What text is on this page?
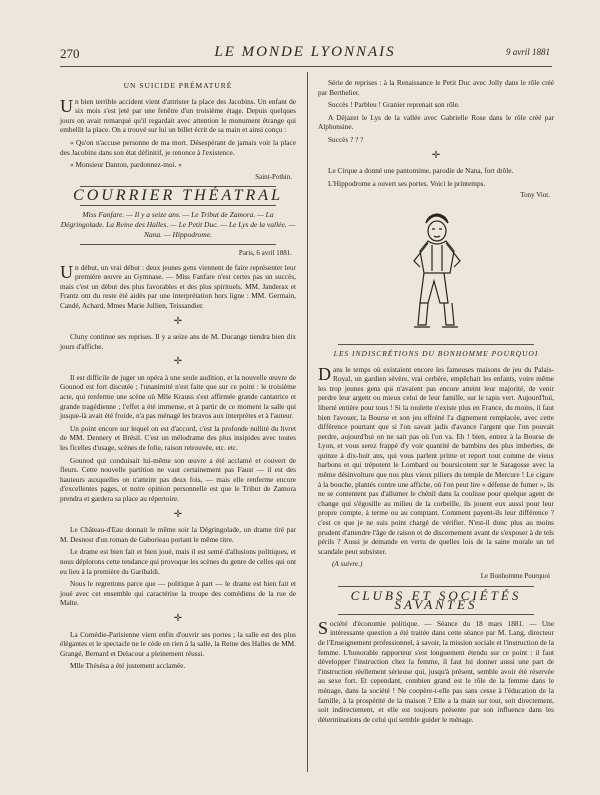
270	LE MONDE LYONNAIS	9 avril 1881
UN SUICIDE PRÉMATURÉ

Un bien terrible accident vient d'attrister la place des Jacobins. Un enfant de six mois s'est jeté par une fenêtre d'un troisième étage. Depuis quelques jours on avait remarqué qu'il regardait avec attention le monument étrange qui embellit la place. On a trouvé sur lui un billet écrit de sa main et ainsi conçu :

« Qu'on n'accuse personne de ma mort. Désespérant de jamais voir la place des Jacobins dans son état définitif, je renonce à l'existence.

« Monsieur Danton, pardonnez-moi. »

Saint-Pothin.

COURRIER THÉATRAL
Miss Fanfare. — Il y a seize ans. — Le Tribut de Zamora. — La Dégringolade. La Reine des Halles. — Le Petit Duc. — Le Lys de la vallée. — Nana. — Hippodrome.

Paris, 6 avril 1881.

Un début, un vrai début : deux jeunes gens viennent de faire représenter leur première œuvre au Gymnase. — Miss Fanfare n'est certes pas un succès, mais c'est un début des plus favorables et des plus spirituels. MM. Janderax et Frantz ont du reste été aidés par une interprétation hors ligne : MM. Germain, Candé, Achard, Mmes Marie Jullien, Teissandier.

✛

Cluny continue ses reprises. Il y a seize ans de M. Ducange tiendra bien dix jours d'affiche.

✛

Il est difficile de juger un opéra à une seule audition, et la nouvelle œuvre de Gounod est fort discutée ; l'unanimité n'est faite que sur ce point : le troisième acte, qui renferme une scène où Mlle Krauss s'est affirmée grande cantatrice et grande tragédienne ; l'effet a été immense, et à partir de ce moment la salle qui jusque-là avait été froide, n'a pas ménagé les bravos aux interprètes et à l'auteur.

Un point encore sur lequel on est d'accord, c'est la profonde nullité du livret de MM. Dennery et Brésil. C'est un mélodrame des plus insipides avec toutes les ficelles d'usage, scènes de folie, raison retrouvée, etc. etc.

Gounod qui conduisait lui-même son œuvre a été acclamé et couvert de fleurs. Cette nouvelle partition ne vaut certainement pas Faust — il est des hauteurs auxquelles on n'atteint pas deux fois, — mais elle renferme encore d'excellentes pages, et notre opinion personnelle est que le Tribut de Zamora prendra et gardera sa place au répertoire.

✛

Le Château-d'Eau donnait le même soir la Dégringolade, un drame tiré par M. Desnost d'un roman de Gaborieau portant le même titre.

Le drame est bien fait et bien joué, mais il est semé d'allusions politiques, et nous déplorons cette tendance qui provoque les scènes du genre de celles qui ont eu lieu à la première du Garibaldi.

Nous le regrettons parce que — politique à part — le drame est bien fait et joué avec cet ensemble qui caractérise la troupe des comédiens de la rue de Malte.

✛

La Comédie-Parisienne vient enfin d'ouvrir ses portes ; la salle est des plus élégantes et le spectacle ne le cède en rien à la salle, la Reine des Halles de MM. Grangé, Bernard et Delacour a pleinement réussi.

Mlle Thésésa a été justement acclamée.

Série de reprises : à la Renaissance le Petit Duc avec Jolly dans le rôle créé par Berthelier.

Succès ! Parbleu ! Granier reprenait son rôle.

A Déjazet le Lys de la vallée avec Gabrielle Rose dans le rôle créé par Alphonsine.

Succès ? ? ?

✛

Le Cirque a donné une pantomime, parodie de Nana, fort drôle.

L'Hippodrome a ouvert ses portes. Voici le printemps.

Tony Viot.

LES INDISCRÉTIONS DU BONHOMME POURQUOI

Dans le temps où existaient encore les fameuses maisons de jeu du Palais-Royal, un gardien sévère, vrai cerbère, empêchait les enfants, voire même les trop jeunes gens qui n'avaient pas encore atteint leur majorité, de venir perdre leur argent ou mieux celui de leur famille, sur le tapis vert. Aujourd'hui, liberté entière pour tous ! Si la roulette n'existe plus en France, du moins, il faut bien l'avouer, la Bourse et son jeu effréné l'a dignement remplacée, avec cette différence pourtant que si l'on savait jadis d'avance l'argent que l'on pouvait perdre, aujourd'hui on ne sait pas où l'on va. Eh ! bien, entrez à la Bourse de Lyon, et vous serez frappé d'y voir quantité de bambins des plus imberbes, de quinze à dix-huit ans, qui vous parlent prime et report tout comme de vieux barbons et qui trépotent le Lombard ou boursicotent sur le Saragosse avec la même désinvolture que nos plus vieux piliers du temple de Mercure ! Le cigare à la bouche, plantés contre une affiche, où l'on peut lire « défense de fumer », ils ne se contentent pas d'allumer le chénil dans la coulisse pour quelque agent de change qui s'égosille au milieu de la corbeille, ils jouent eux aussi pour leur propre compte, à terme ou au comptant. Comment payent-ils leur différence ? c'est ce que je ne suis point chargé de vérifier. N'est-il donc plus au moins prudent d'attendre l'âge de raison et de discernement avant de s'exposer à de tels périls ? Aussi je demande en vertu de quelles lois de la saine morale un tel scandale peut subsister.

(A suivre.)

Le Bonhomme Pourquoi

CLUBS ET SOCIÉTÉS SAVANTES

Société d'économie politique. — Séance du 18 mars 1881. — Une intéressante question a été traitée dans cette séance par M. Lang, directeur de l'Enseignement professionnel, à savoir, la mission sociale et l'instruction de la femme. L'honorable rapporteur s'est longuement étendu sur ce point : il faut développer l'instruction chez la femme, il faut lui donner aussi une part de l'instruction réellement sérieuse qui, jusqu'à présent, semble avoir été réservée au sexe fort. Et cependant, combien grand est le rôle de la femme dans le ménage, dans la société ! Ne coopère-t-elle pas sans cesse à l'éducation de la famille, à la prospérité de la maison ? Elle a la main sur tout, soit directement, soit indirectement, et elle est toujours présente par son influence dans les déterminations de celui qui semble guider le ménage.
